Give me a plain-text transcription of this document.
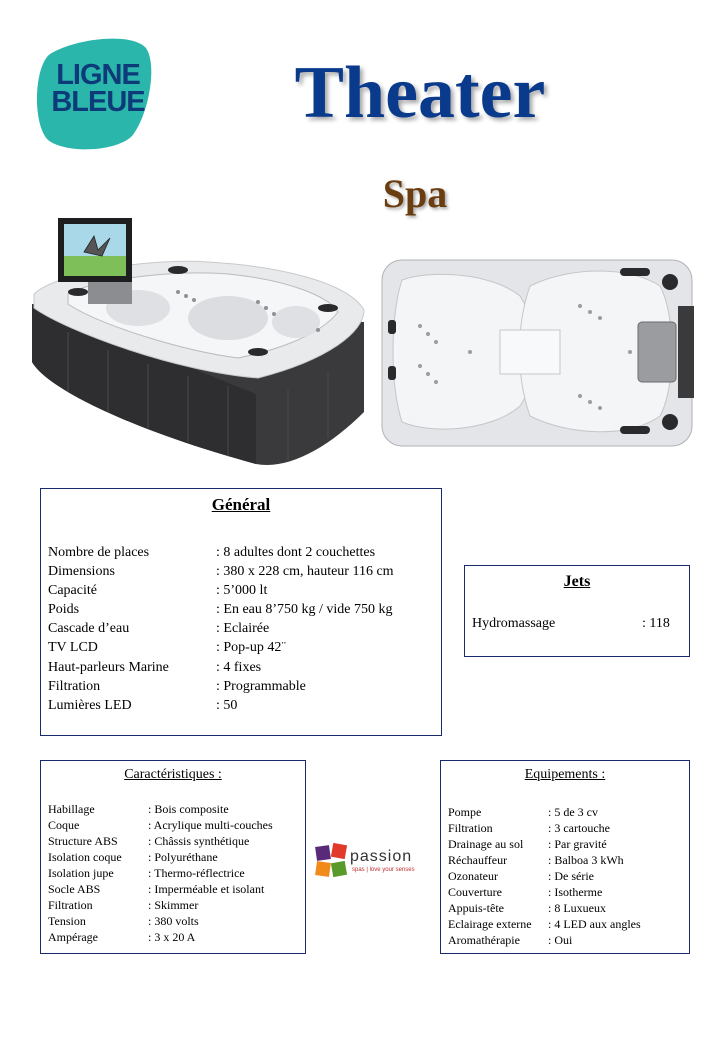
LIGNE
BLEUE	Theater
Spa
Général
Nombre de places	: 8 adultes dont 2 couchettes
Dimensions	: 380 x 228 cm, hauteur 116 cm
Capacité	: 5’000 lt
Poids	: En eau 8’750 kg / vide 750 kg
Cascade d’eau	: Eclairée
TV LCD	: Pop-up 42¨
Haut-parleurs Marine	: 4 fixes
Filtration	: Programmable
Lumières LED	: 50
Jets
Hydromassage	: 118
Caractéristiques :
Habillage	: Bois composite
Coque	: Acrylique multi-couches
Structure ABS	: Châssis synthétique
Isolation coque	: Polyuréthane
Isolation jupe	: Thermo-réflectrice
Socle ABS	: Imperméable et isolant
Filtration	: Skimmer
Tension	: 380 volts
Ampérage	: 3 x 20 A
passion
spas | love your senses
Equipements :
Pompe	: 5 de 3 cv
Filtration	: 3 cartouche
Drainage au sol	: Par gravité
Réchauffeur	: Balboa 3 kWh
Ozonateur	: De série
Couverture	: Isotherme
Appuis-tête	: 8 Luxueux
Eclairage externe	: 4 LED aux angles
Aromathérapie	: Oui
